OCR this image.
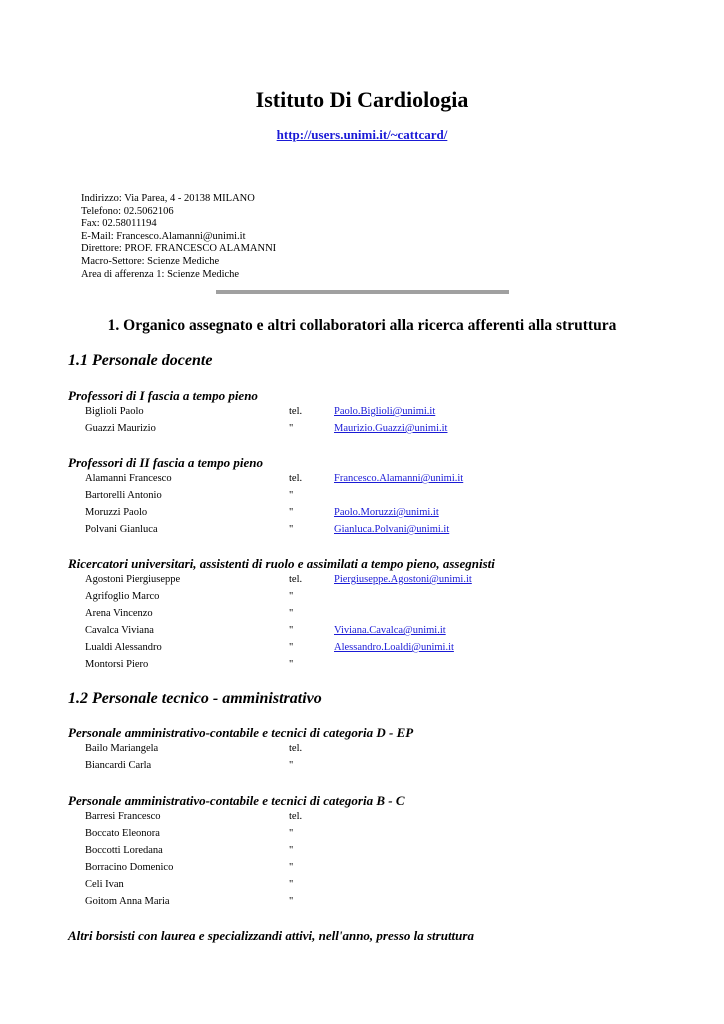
Istituto Di Cardiologia
http://users.unimi.it/~cattcard/
Indirizzo: Via Parea, 4 - 20138 MILANO
Telefono: 02.5062106
Fax: 02.58011194
E-Mail: Francesco.Alamanni@unimi.it
Direttore: PROF. FRANCESCO ALAMANNI
Macro-Settore: Scienze Mediche
Area di afferenza 1: Scienze Mediche
1. Organico assegnato e altri collaboratori alla ricerca afferenti alla struttura
1.1 Personale docente
Professori di I fascia a tempo pieno
Biglioli Paolo	tel.	Paolo.Biglioli@unimi.it
Guazzi Maurizio	"	Maurizio.Guazzi@unimi.it
Professori di II fascia a tempo pieno
Alamanni Francesco	tel.	Francesco.Alamanni@unimi.it
Bartorelli Antonio	"
Moruzzi Paolo	"	Paolo.Moruzzi@unimi.it
Polvani Gianluca	"	Gianluca.Polvani@unimi.it
Ricercatori universitari, assistenti di ruolo e assimilati a tempo pieno, assegnisti
Agostoni Piergiuseppe	tel.	Piergiuseppe.Agostoni@unimi.it
Agrifoglio Marco	"
Arena Vincenzo	"
Cavalca Viviana	"	Viviana.Cavalca@unimi.it
Lualdi Alessandro	"	Alessandro.Loaldi@unimi.it
Montorsi Piero	"
1.2 Personale tecnico - amministrativo
Personale amministrativo-contabile e tecnici di categoria D - EP
Bailo Mariangela	tel.
Biancardi Carla	"
Personale amministrativo-contabile e tecnici di categoria B - C
Barresi Francesco	tel.
Boccato Eleonora	"
Boccotti Loredana	"
Borracino Domenico	"
Celi Ivan	"
Goitom Anna Maria	"
Altri borsisti con laurea e specializzandi attivi, nell'anno, presso la struttura
